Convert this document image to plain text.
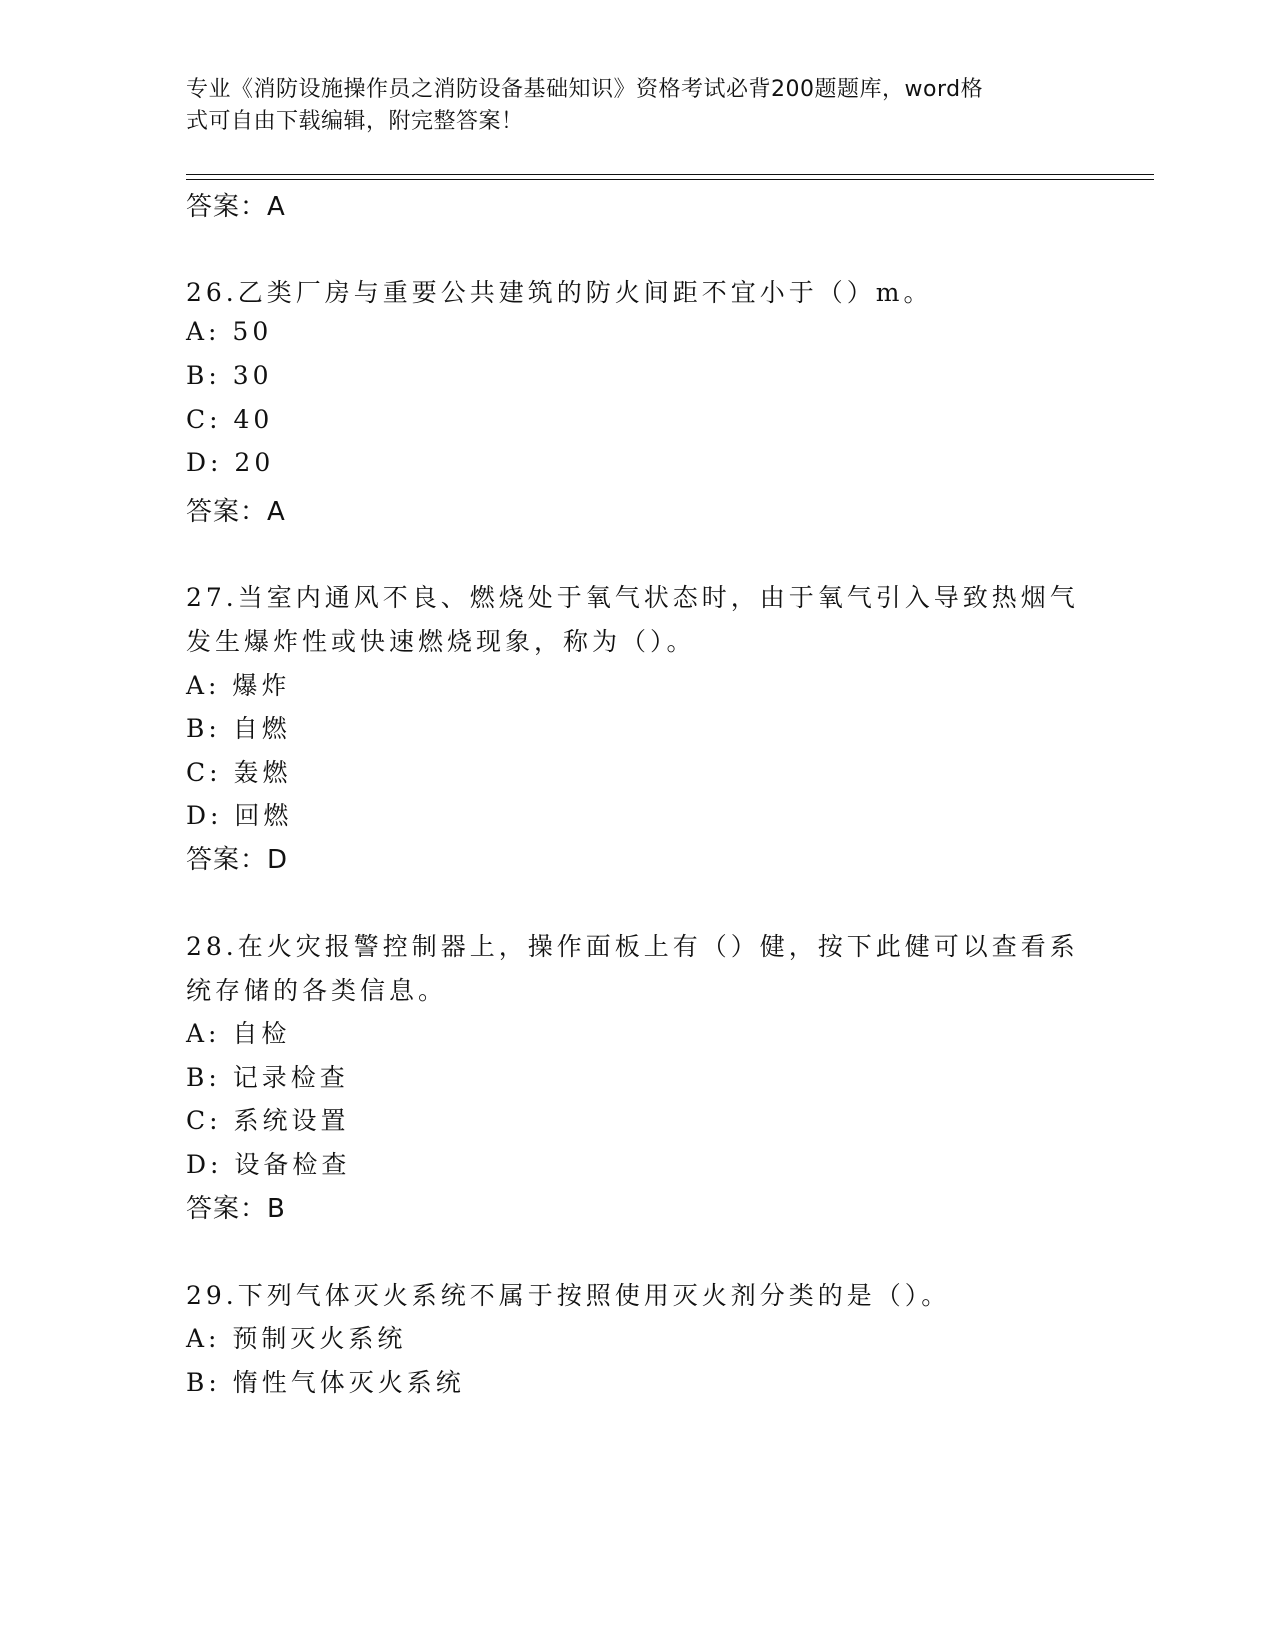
专业《消防设施操作员之消防设备基础知识》资格考试必背200题题库，word格
式可自由下载编辑，附完整答案！
答案：A
26.乙类厂房与重要公共建筑的防火间距不宜小于（）m。
A: 50
B: 30
C: 40
D: 20
答案：A
27.当室内通风不良、燃烧处于氧气状态时，由于氧气引入导致热烟气
发生爆炸性或快速燃烧现象，称为（）。
A: 爆炸
B: 自燃
C: 轰燃
D: 回燃
答案：D
28.在火灾报警控制器上，操作面板上有（）健，按下此健可以查看系
统存储的各类信息。
A: 自检
B: 记录检查
C: 系统设置
D: 设备检查
答案：B
29.下列气体灭火系统不属于按照使用灭火剂分类的是（）。
A: 预制灭火系统
B: 惰性气体灭火系统
